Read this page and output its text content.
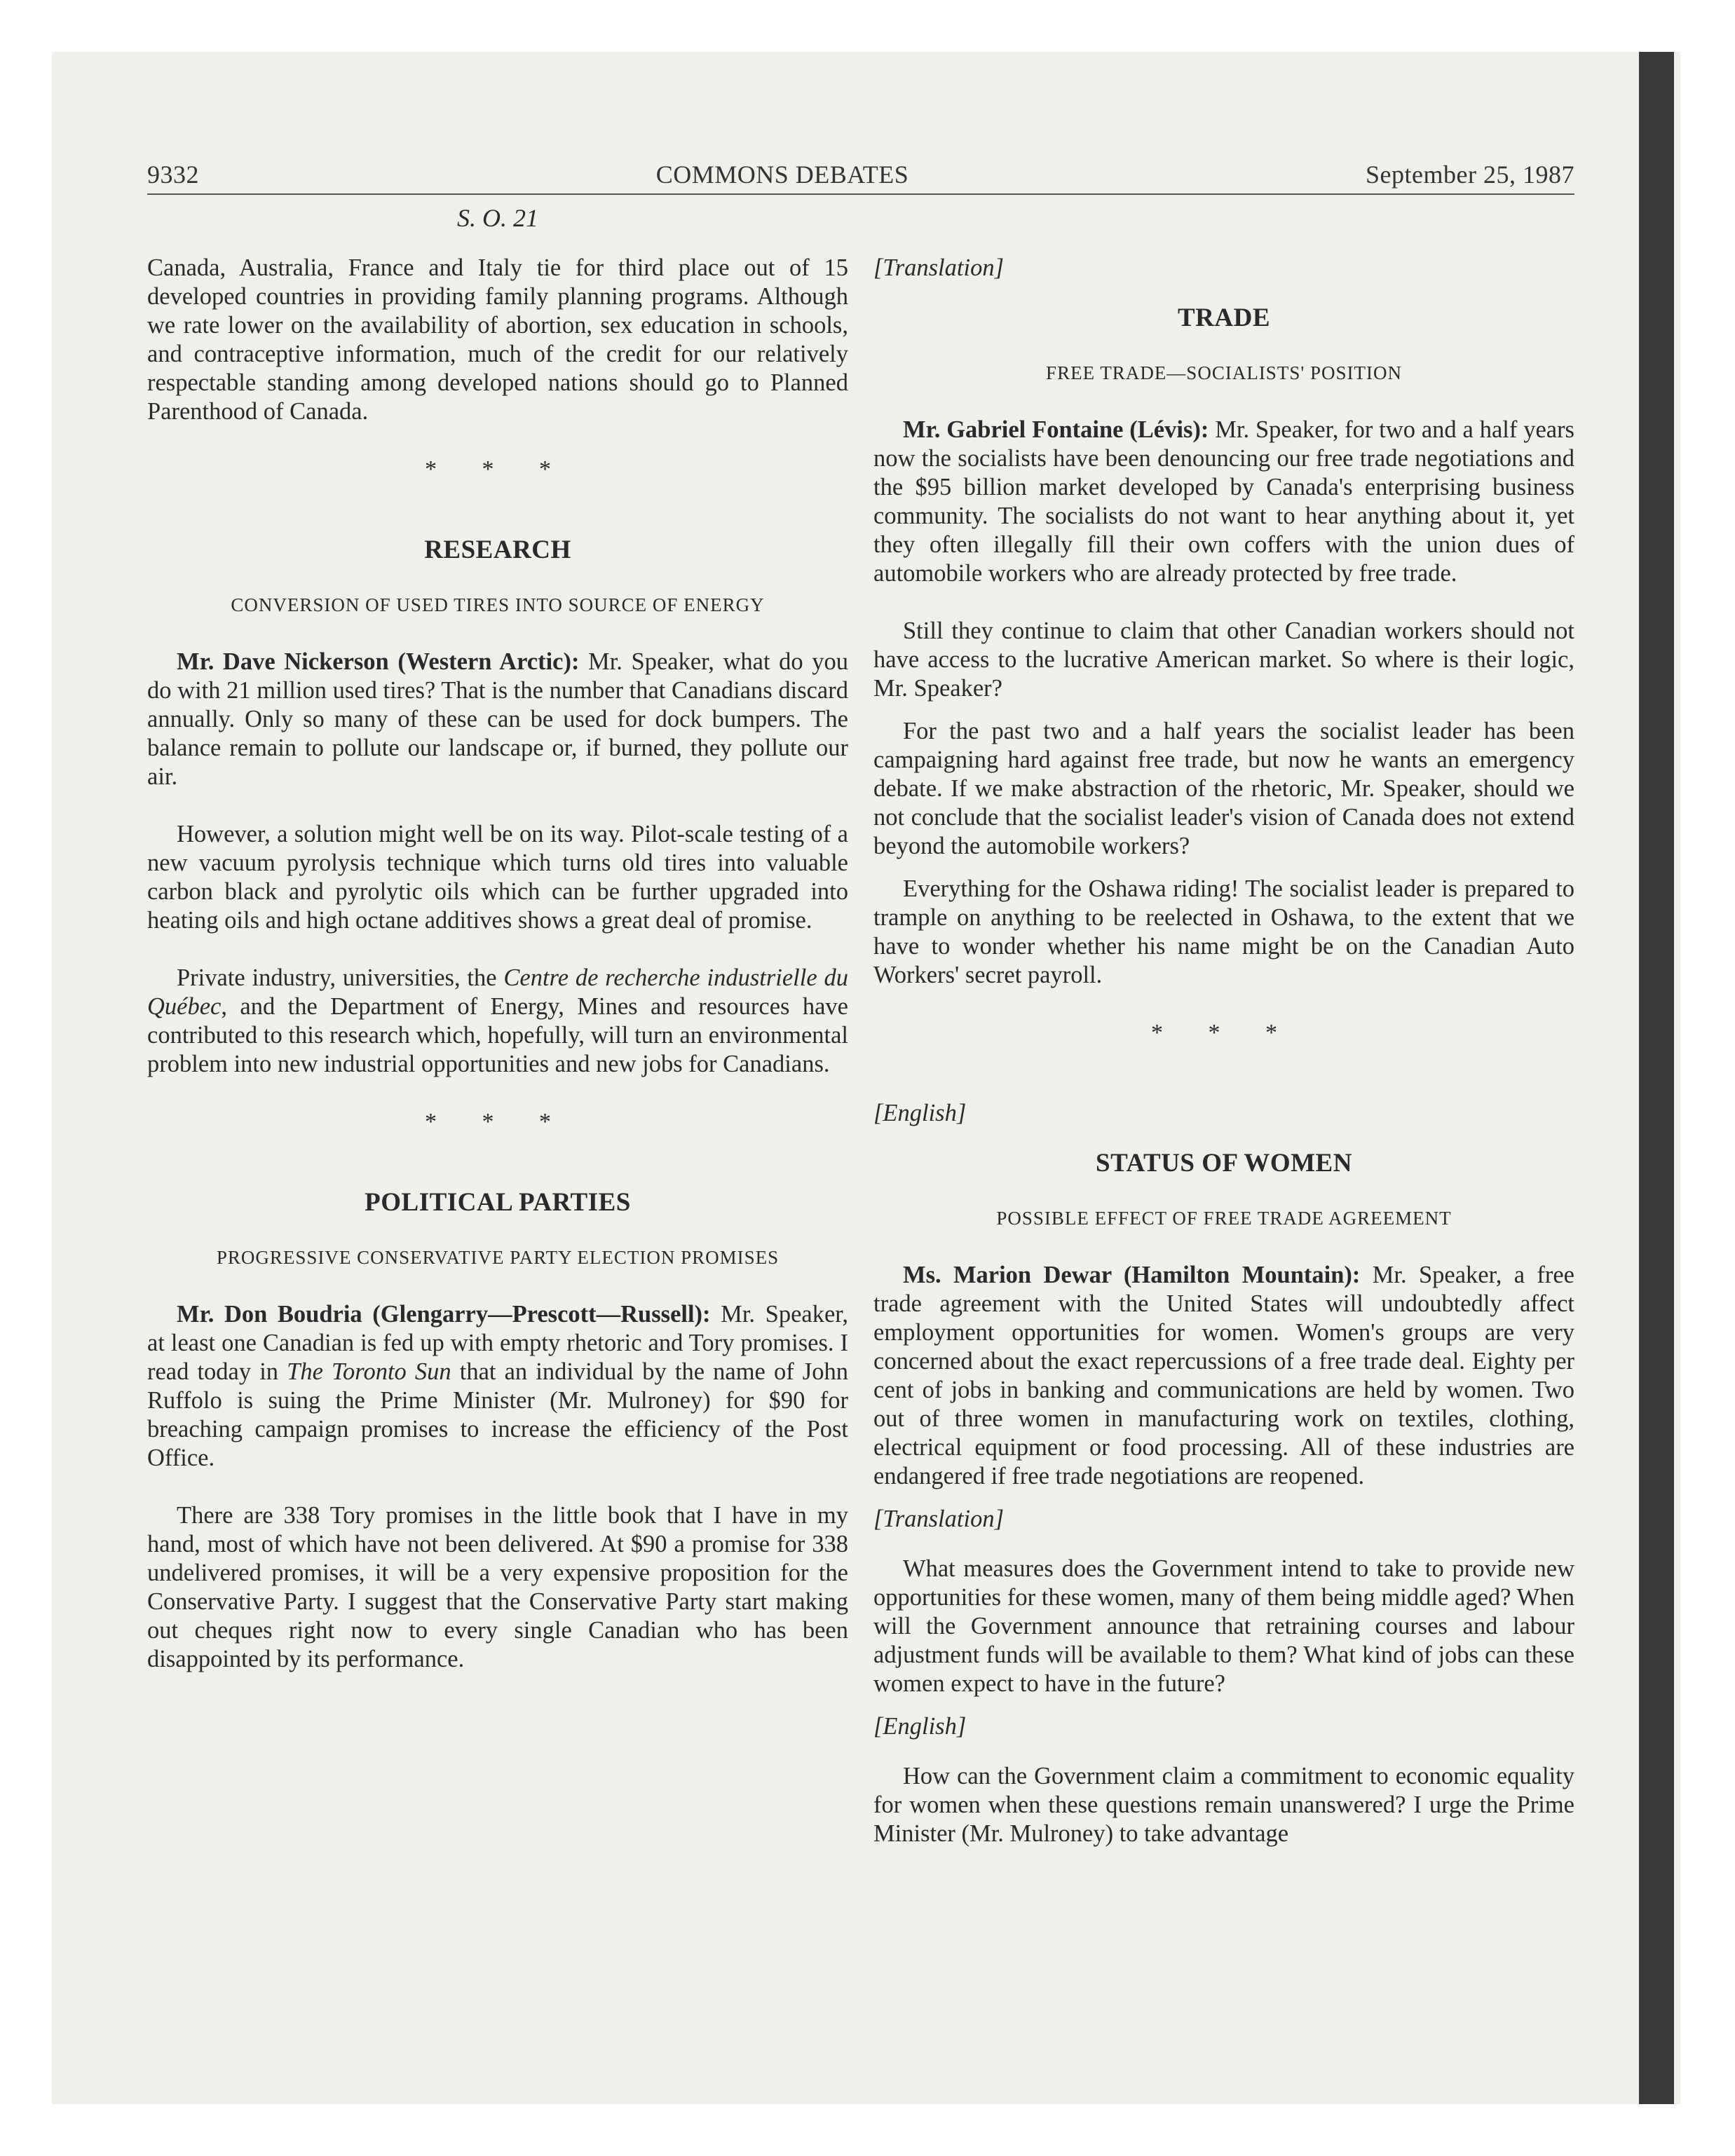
9332	COMMONS DEBATES	September 25, 1987
S. O. 21

Canada, Australia, France and Italy tie for third place out of 15 developed countries in providing family planning programs. Although we rate lower on the availability of abortion, sex education in schools, and contraceptive information, much of the credit for our relatively respectable standing among developed nations should go to Planned Parenthood of Canada.

* * *
RESEARCH
CONVERSION OF USED TIRES INTO SOURCE OF ENERGY

Mr. Dave Nickerson (Western Arctic): Mr. Speaker, what do you do with 21 million used tires? That is the number that Canadians discard annually. Only so many of these can be used for dock bumpers. The balance remain to pollute our landscape or, if burned, they pollute our air.

However, a solution might well be on its way. Pilot-scale testing of a new vacuum pyrolysis technique which turns old tires into valuable carbon black and pyrolytic oils which can be further upgraded into heating oils and high octane additives shows a great deal of promise.

Private industry, universities, the Centre de recherche industrielle du Québec, and the Department of Energy, Mines and resources have contributed to this research which, hopefully, will turn an environmental problem into new industrial opportunities and new jobs for Canadians.

* * *
POLITICAL PARTIES
PROGRESSIVE CONSERVATIVE PARTY ELECTION PROMISES

Mr. Don Boudria (Glengarry—Prescott—Russell): Mr. Speaker, at least one Canadian is fed up with empty rhetoric and Tory promises. I read today in The Toronto Sun that an individual by the name of John Ruffolo is suing the Prime Minister (Mr. Mulroney) for $90 for breaching campaign promises to increase the efficiency of the Post Office.

There are 338 Tory promises in the little book that I have in my hand, most of which have not been delivered. At $90 a promise for 338 undelivered promises, it will be a very expensive proposition for the Conservative Party. I suggest that the Conservative Party start making out cheques right now to every single Canadian who has been disappointed by its performance.

[Translation]
TRADE
FREE TRADE—SOCIALISTS' POSITION

Mr. Gabriel Fontaine (Lévis): Mr. Speaker, for two and a half years now the socialists have been denouncing our free trade negotiations and the $95 billion market developed by Canada's enterprising business community. The socialists do not want to hear anything about it, yet they often illegally fill their own coffers with the union dues of automobile workers who are already protected by free trade.

Still they continue to claim that other Canadian workers should not have access to the lucrative American market. So where is their logic, Mr. Speaker?

For the past two and a half years the socialist leader has been campaigning hard against free trade, but now he wants an emergency debate. If we make abstraction of the rhetoric, Mr. Speaker, should we not conclude that the socialist leader's vision of Canada does not extend beyond the automobile workers?

Everything for the Oshawa riding! The socialist leader is prepared to trample on anything to be reelected in Oshawa, to the extent that we have to wonder whether his name might be on the Canadian Auto Workers' secret payroll.

* * *
[English]
STATUS OF WOMEN
POSSIBLE EFFECT OF FREE TRADE AGREEMENT

Ms. Marion Dewar (Hamilton Mountain): Mr. Speaker, a free trade agreement with the United States will undoubtedly affect employment opportunities for women. Women's groups are very concerned about the exact repercussions of a free trade deal. Eighty per cent of jobs in banking and communications are held by women. Two out of three women in manufacturing work on textiles, clothing, electrical equipment or food processing. All of these industries are endangered if free trade negotiations are reopened.

[Translation]

What measures does the Government intend to take to provide new opportunities for these women, many of them being middle aged? When will the Government announce that retraining courses and labour adjustment funds will be available to them? What kind of jobs can these women expect to have in the future?

[English]

How can the Government claim a commitment to economic equality for women when these questions remain unanswered? I urge the Prime Minister (Mr. Mulroney) to take advantage
